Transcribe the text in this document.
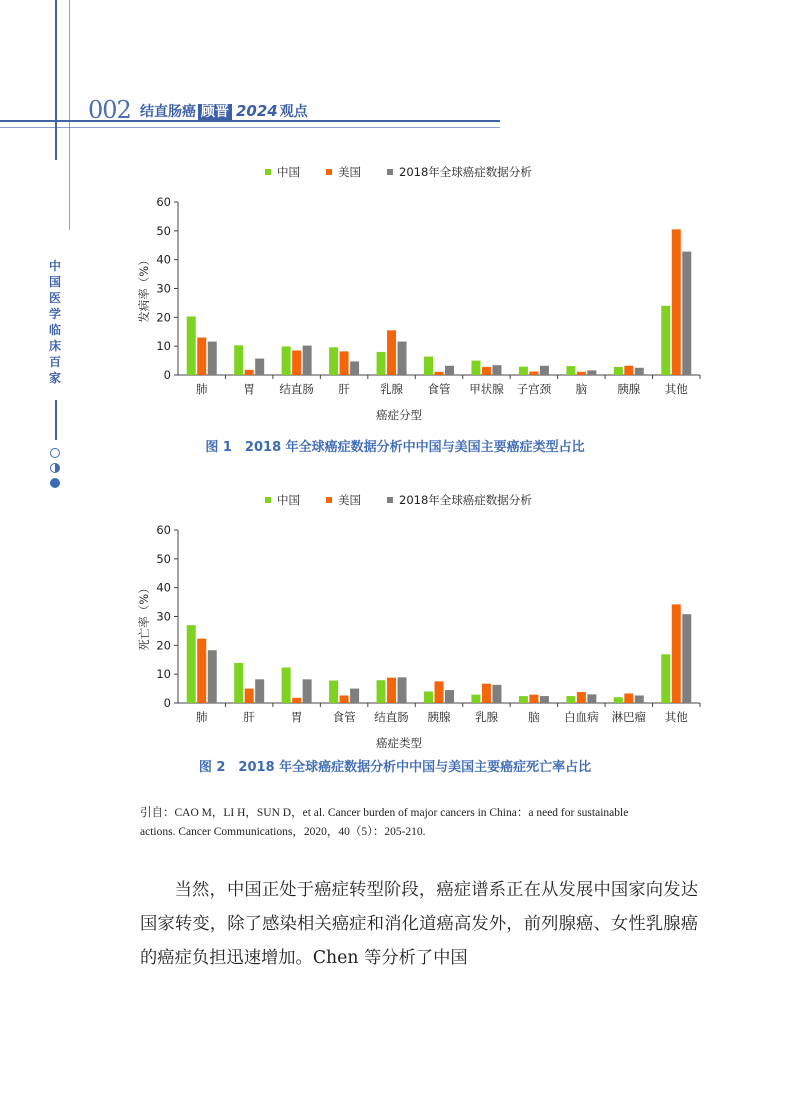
002 结直肠癌 顾晋 2024 观点
中国医学临床百家
中国	美国	2018年全球癌症数据分析
0
10
20
30
40
50
60
发病率（%）
肺	胃 结直肠 肝	乳腺 食管 甲状腺 子宫颈 脑	胰腺 其他
癌症分型
图 1　2018 年全球癌症数据分析中中国与美国主要癌症类型占比
中国	美国	2018年全球癌症数据分析
0
10
20
30
40
50
60
死亡率（%）
肺	肝	胃	食管 结直肠 胰腺 乳腺	脑 白血病 淋巴瘤 其他
癌症类型
图 2　2018 年全球癌症数据分析中中国与美国主要癌症死亡率占比
引自：CAO M，LI H，SUN D，et al. Cancer burden of major cancers in China：a need for sustainable
actions. Cancer Communications，2020，40（5）：205-210.

当然，中国正处于癌症转型阶段，癌症谱系正在从发展中国家向发达国家转变，除了感染相关癌症和消化道癌高发外，前列腺癌、女性乳腺癌的癌症负担迅速增加。Chen 等分析了中国
